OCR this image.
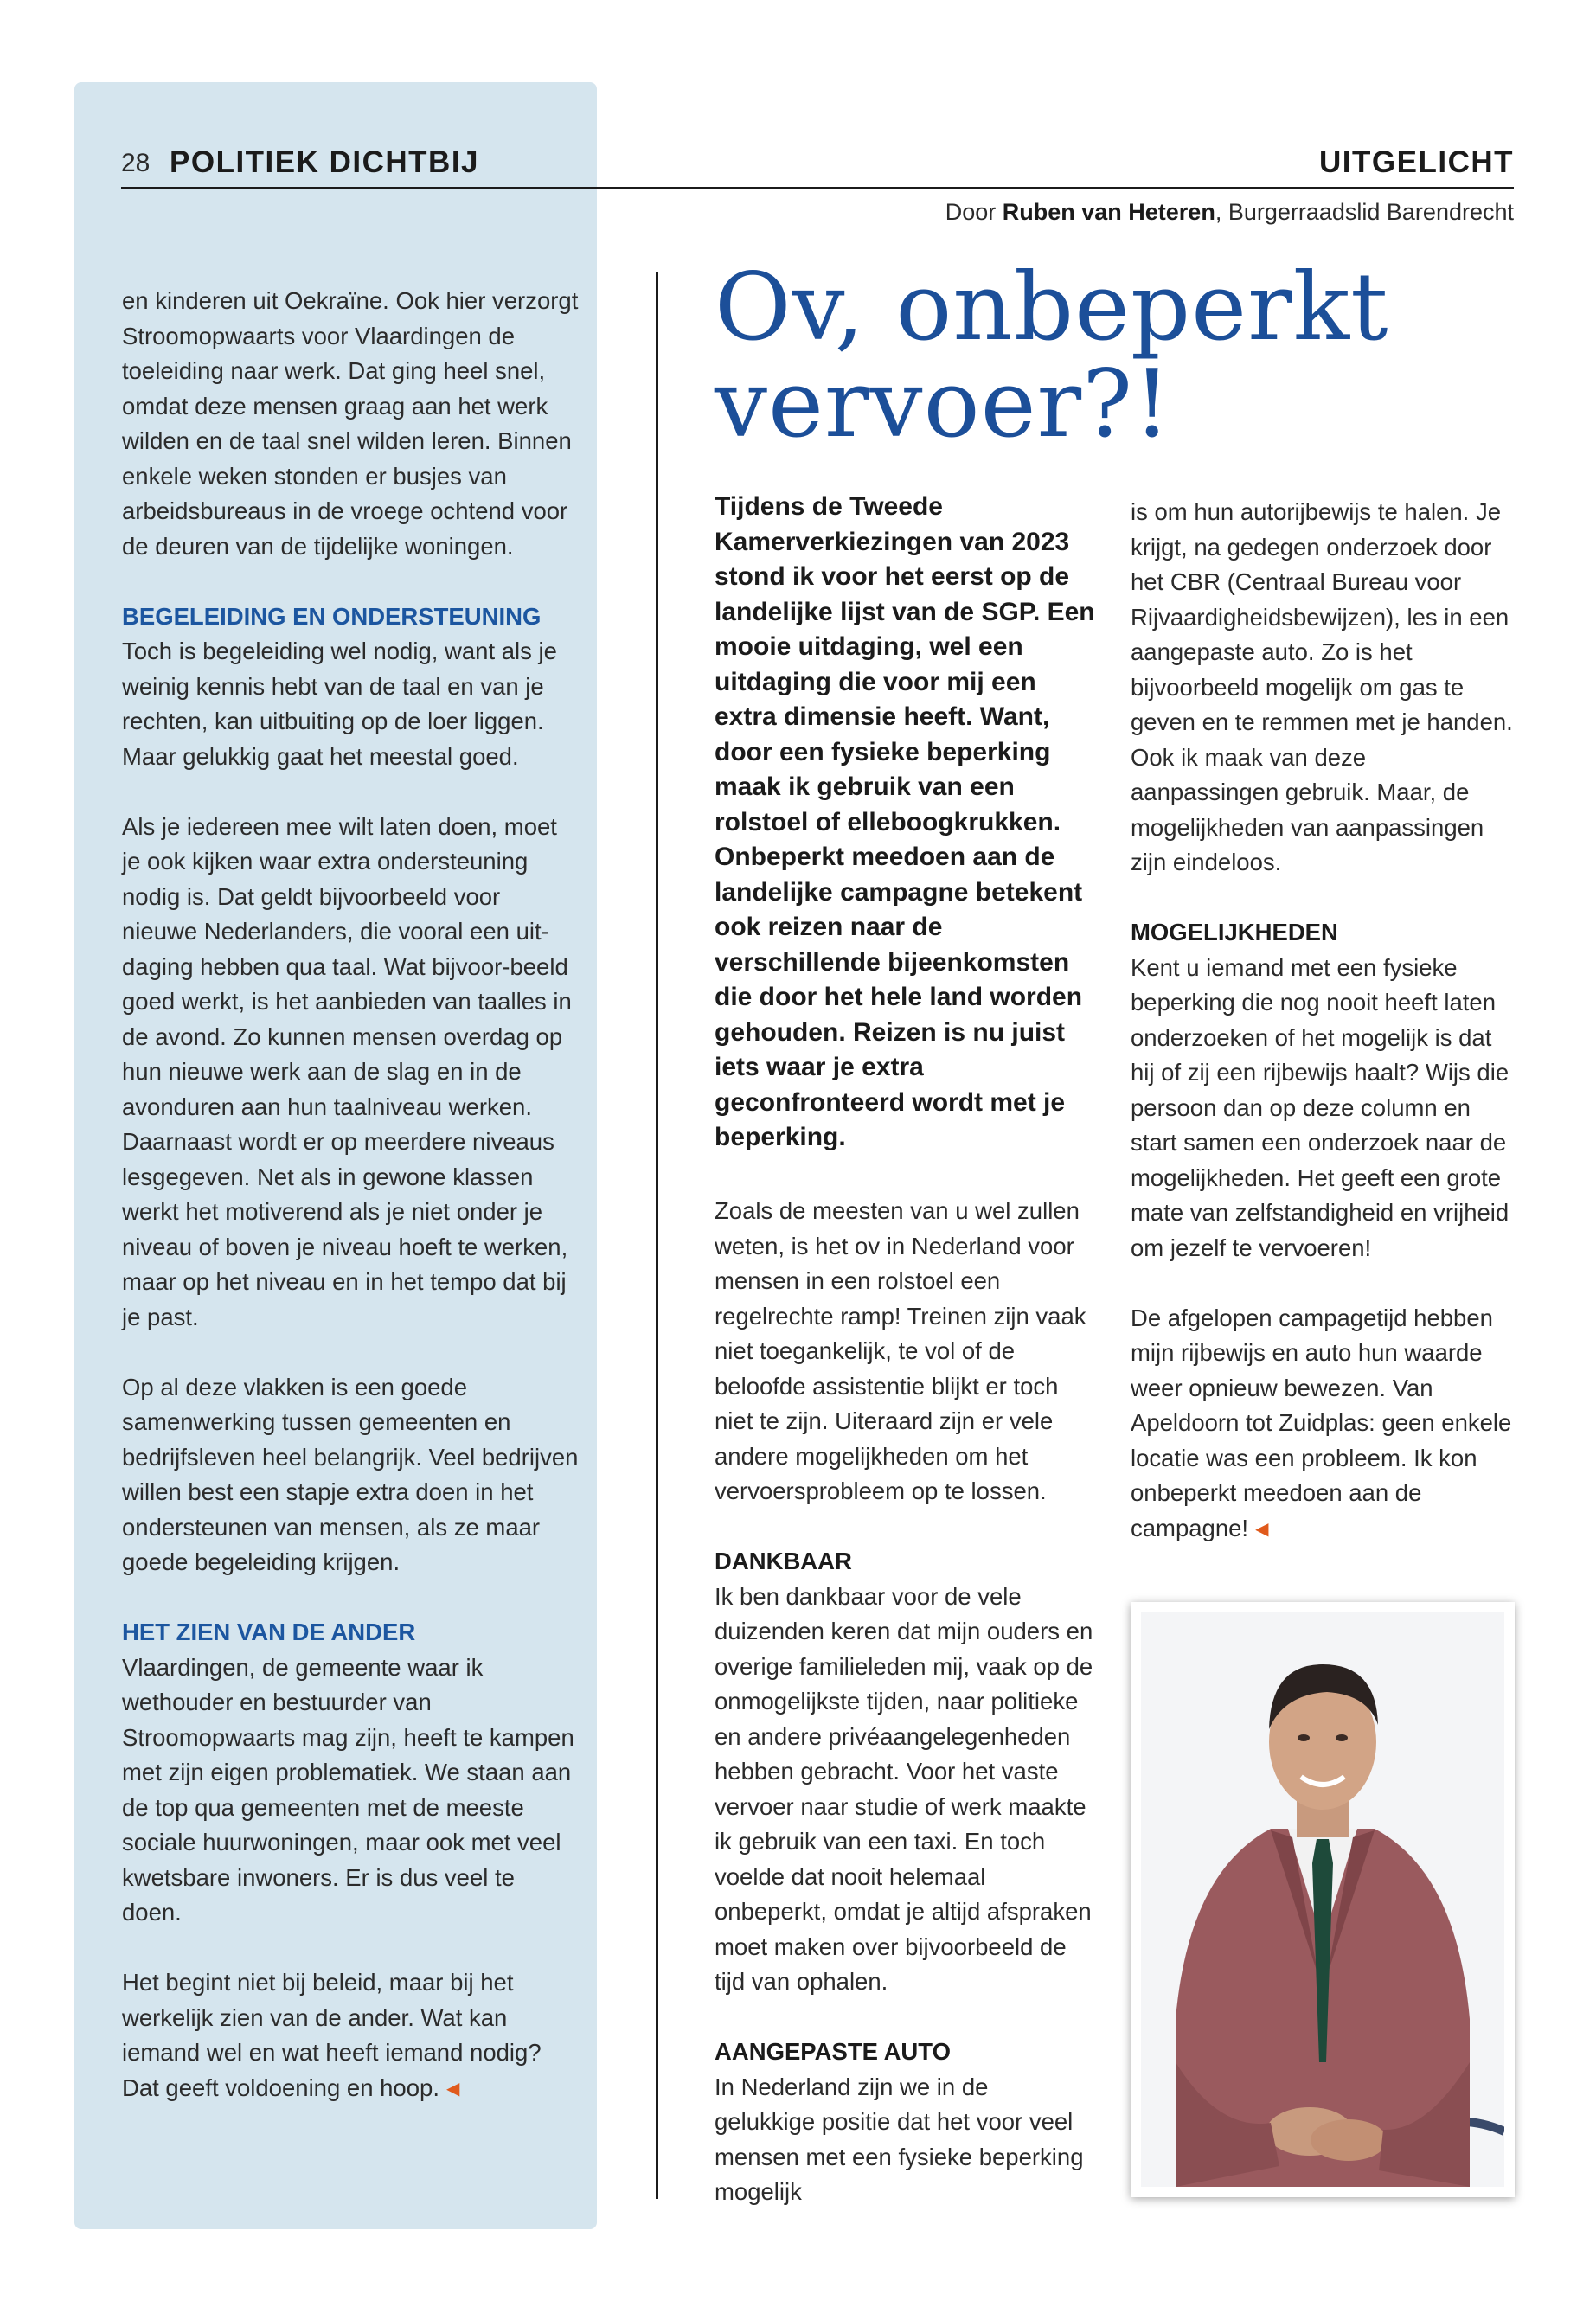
28 POLITIEK DICHTBIJ	UITGELICHT
Door Ruben van Heteren, Burgerraadslid Barendrecht

en kinderen uit Oekraïne. Ook hier verzorgt Stroomopwaarts voor Vlaardingen de toeleiding naar werk. Dat ging heel snel, omdat deze mensen graag aan het werk wilden en de taal snel wilden leren. Binnen enkele weken stonden er busjes van arbeidsbureaus in de vroege ochtend voor de deuren van de tijdelijke woningen.

BEGELEIDING EN ONDERSTEUNING

Toch is begeleiding wel nodig, want als je weinig kennis hebt van de taal en van je rechten, kan uitbuiting op de loer liggen. Maar gelukkig gaat het meestal goed.

Als je iedereen mee wilt laten doen, moet je ook kijken waar extra ondersteuning nodig is. Dat geldt bijvoorbeeld voor nieuwe Nederlanders, die vooral een uit-daging hebben qua taal. Wat bijvoor-beeld goed werkt, is het aanbieden van taalles in de avond. Zo kunnen mensen overdag op hun nieuwe werk aan de slag en in de avonduren aan hun taalniveau werken. Daarnaast wordt er op meerdere niveaus lesgegeven. Net als in gewone klassen werkt het motiverend als je niet onder je niveau of boven je niveau hoeft te werken, maar op het niveau en in het tempo dat bij je past.

Op al deze vlakken is een goede samenwerking tussen gemeenten en bedrijfsleven heel belangrijk. Veel bedrijven willen best een stapje extra doen in het ondersteunen van mensen, als ze maar goede begeleiding krijgen.

HET ZIEN VAN DE ANDER

Vlaardingen, de gemeente waar ik wethouder en bestuurder van Stroomopwaarts mag zijn, heeft te kampen met zijn eigen problematiek. We staan aan de top qua gemeenten met de meeste sociale huurwoningen, maar ook met veel kwetsbare inwoners. Er is dus veel te doen.

Het begint niet bij beleid, maar bij het werkelijk zien van de ander. Wat kan iemand wel en wat heeft iemand nodig? Dat geeft voldoening en hoop. ◀

Ov, onbeperkt vervoer?!

Tijdens de Tweede Kamerverkiezingen van 2023 stond ik voor het eerst op de landelijke lijst van de SGP. Een mooie uitdaging, wel een uitdaging die voor mij een extra dimensie heeft. Want, door een fysieke beperking maak ik gebruik van een rolstoel of elleboogkrukken. Onbeperkt meedoen aan de landelijke campagne betekent ook reizen naar de verschillende bijeenkomsten die door het hele land worden gehouden. Reizen is nu juist iets waar je extra geconfronteerd wordt met je beperking.

Zoals de meesten van u wel zullen weten, is het ov in Nederland voor mensen in een rolstoel een regelrechte ramp! Treinen zijn vaak niet toegankelijk, te vol of de beloofde assistentie blijkt er toch niet te zijn. Uiteraard zijn er vele andere mogelijkheden om het vervoersprobleem op te lossen.

DANKBAAR

Ik ben dankbaar voor de vele duizenden keren dat mijn ouders en overige familieleden mij, vaak op de onmogelijkste tijden, naar politieke en andere privéaangelegenheden hebben gebracht. Voor het vaste vervoer naar studie of werk maakte ik gebruik van een taxi. En toch voelde dat nooit helemaal onbeperkt, omdat je altijd afspraken moet maken over bijvoorbeeld de tijd van ophalen.

AANGEPASTE AUTO

In Nederland zijn we in de gelukkige positie dat het voor veel mensen met een fysieke beperking mogelijk

is om hun autorijbewijs te halen. Je krijgt, na gedegen onderzoek door het CBR (Centraal Bureau voor Rijvaardigheidsbewijzen), les in een aangepaste auto. Zo is het bijvoorbeeld mogelijk om gas te geven en te remmen met je handen. Ook ik maak van deze aanpassingen gebruik. Maar, de mogelijkheden van aanpassingen zijn eindeloos.

MOGELIJKHEDEN

Kent u iemand met een fysieke beperking die nog nooit heeft laten onderzoeken of het mogelijk is dat hij of zij een rijbewijs haalt? Wijs die persoon dan op deze column en start samen een onderzoek naar de mogelijkheden. Het geeft een grote mate van zelfstandigheid en vrijheid om jezelf te vervoeren!

De afgelopen campagetijd hebben mijn rijbewijs en auto hun waarde weer opnieuw bewezen. Van Apeldoorn tot Zuidplas: geen enkele locatie was een probleem. Ik kon onbeperkt meedoen aan de campagne! ◀
